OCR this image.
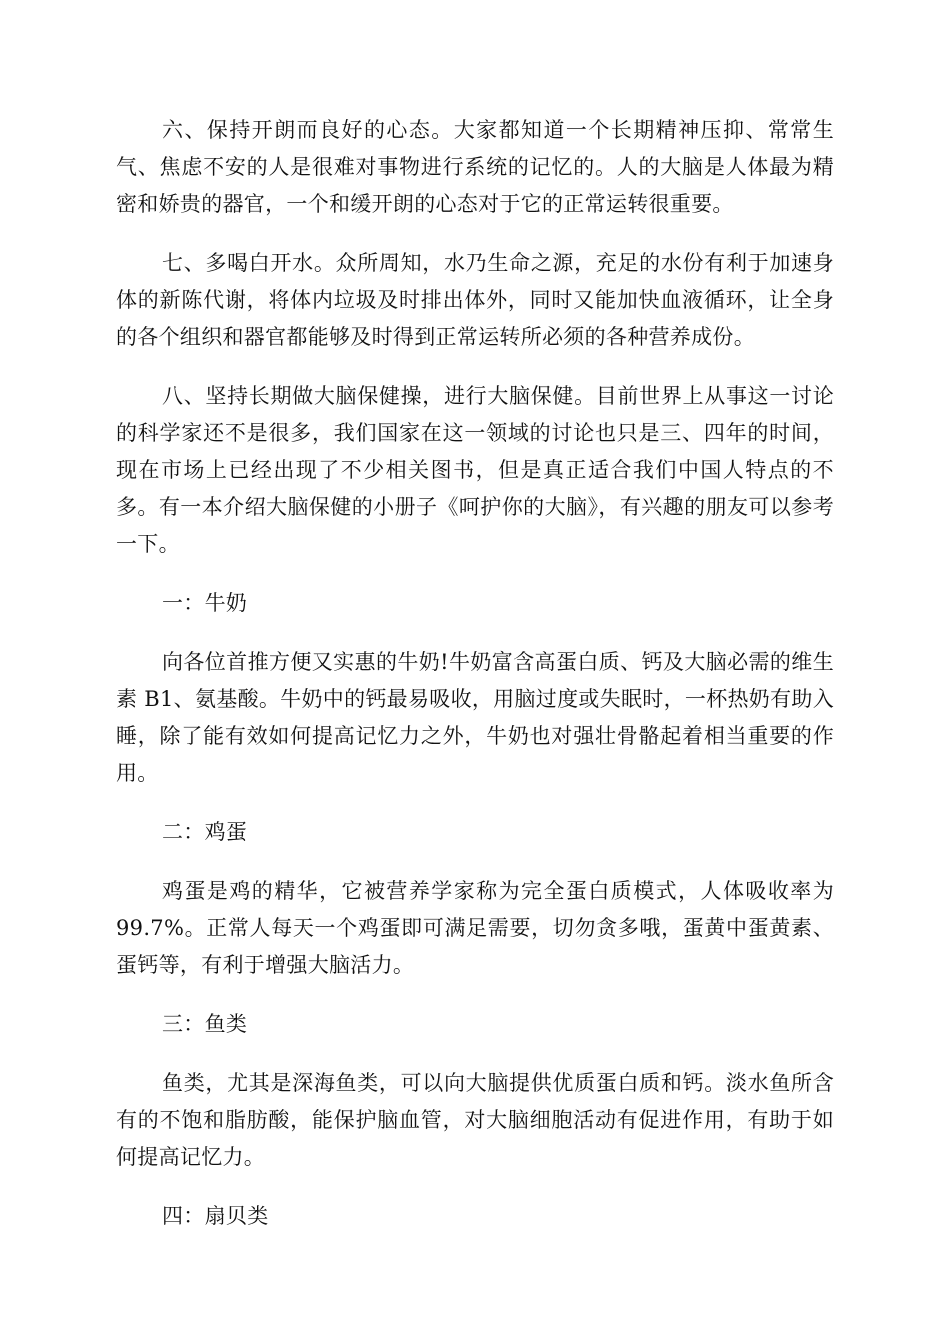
六、保持开朗而良好的心态。大家都知道一个长期精神压抑、常常生气、焦虑不安的人是很难对事物进行系统的记忆的。人的大脑是人体最为精密和娇贵的器官，一个和缓开朗的心态对于它的正常运转很重要。

七、多喝白开水。众所周知，水乃生命之源，充足的水份有利于加速身体的新陈代谢，将体内垃圾及时排出体外，同时又能加快血液循环，让全身的各个组织和器官都能够及时得到正常运转所必须的各种营养成份。

八、坚持长期做大脑保健操，进行大脑保健。目前世界上从事这一讨论的科学家还不是很多，我们国家在这一领域的讨论也只是三、四年的时间，现在市场上已经出现了不少相关图书，但是真正适合我们中国人特点的不多。有一本介绍大脑保健的小册子《呵护你的大脑》，有兴趣的朋友可以参考一下。

一：牛奶

向各位首推方便又实惠的牛奶!牛奶富含高蛋白质、钙及大脑必需的维生素 B1、氨基酸。牛奶中的钙最易吸收，用脑过度或失眠时，一杯热奶有助入睡，除了能有效如何提高记忆力之外，牛奶也对强壮骨骼起着相当重要的作用。

二：鸡蛋

鸡蛋是鸡的精华，它被营养学家称为完全蛋白质模式，人体吸收率为99.7%。正常人每天一个鸡蛋即可满足需要，切勿贪多哦，蛋黄中蛋黄素、蛋钙等，有利于增强大脑活力。

三：鱼类

鱼类，尤其是深海鱼类，可以向大脑提供优质蛋白质和钙。淡水鱼所含有的不饱和脂肪酸，能保护脑血管，对大脑细胞活动有促进作用，有助于如何提高记忆力。

四：扇贝类
